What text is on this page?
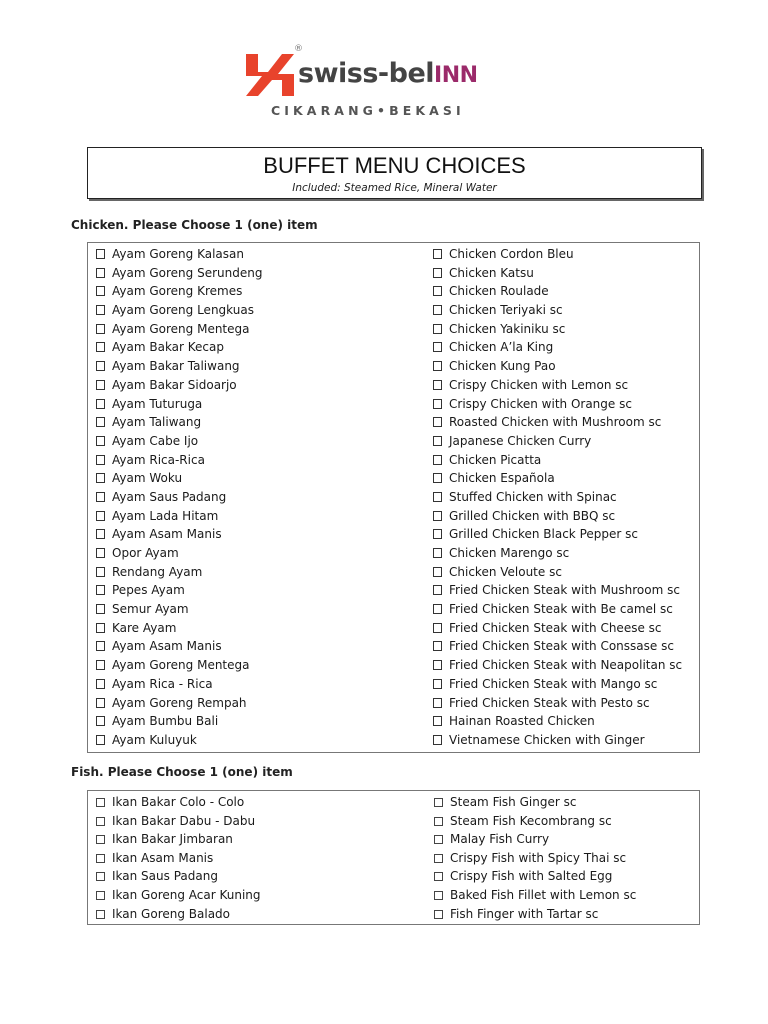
®
swiss-belINN
CIKARANG•BEKASI
BUFFET MENU CHOICES
Included: Steamed Rice, Mineral Water
Chicken. Please Choose 1 (one) item
Ayam Goreng Kalasan
Ayam Goreng Serundeng
Ayam Goreng Kremes
Ayam Goreng Lengkuas
Ayam Goreng Mentega
Ayam Bakar Kecap
Ayam Bakar Taliwang
Ayam Bakar Sidoarjo
Ayam Tuturuga
Ayam Taliwang
Ayam Cabe Ijo
Ayam Rica-Rica
Ayam Woku
Ayam Saus Padang
Ayam Lada Hitam
Ayam Asam Manis
Opor Ayam
Rendang Ayam
Pepes Ayam
Semur Ayam
Kare Ayam
Ayam Asam Manis
Ayam Goreng Mentega
Ayam Rica - Rica
Ayam Goreng Rempah
Ayam Bumbu Bali
Ayam Kuluyuk
Chicken Cordon Bleu
Chicken Katsu
Chicken Roulade
Chicken Teriyaki sc
Chicken Yakiniku sc
Chicken A’la King
Chicken Kung Pao
Crispy Chicken with Lemon sc
Crispy Chicken with Orange sc
Roasted Chicken with Mushroom sc
Japanese Chicken Curry
Chicken Picatta
Chicken Española
Stuffed Chicken with Spinac
Grilled Chicken with BBQ sc
Grilled Chicken Black Pepper sc
Chicken Marengo sc
Chicken Veloute sc
Fried Chicken Steak with Mushroom sc
Fried Chicken Steak with Be camel sc
Fried Chicken Steak with Cheese sc
Fried Chicken Steak with Conssase sc
Fried Chicken Steak with Neapolitan sc
Fried Chicken Steak with Mango sc
Fried Chicken Steak with Pesto sc
Hainan Roasted Chicken
Vietnamese Chicken with Ginger
Fish. Please Choose 1 (one) item
Ikan Bakar Colo - Colo
Ikan Bakar Dabu - Dabu
Ikan Bakar Jimbaran
Ikan Asam Manis
Ikan Saus Padang
Ikan Goreng Acar Kuning
Ikan Goreng Balado
Steam Fish Ginger sc
Steam Fish Kecombrang sc
Malay Fish Curry
Crispy Fish with Spicy Thai sc
Crispy Fish with Salted Egg
Baked Fish Fillet with Lemon sc
Fish Finger with Tartar sc
